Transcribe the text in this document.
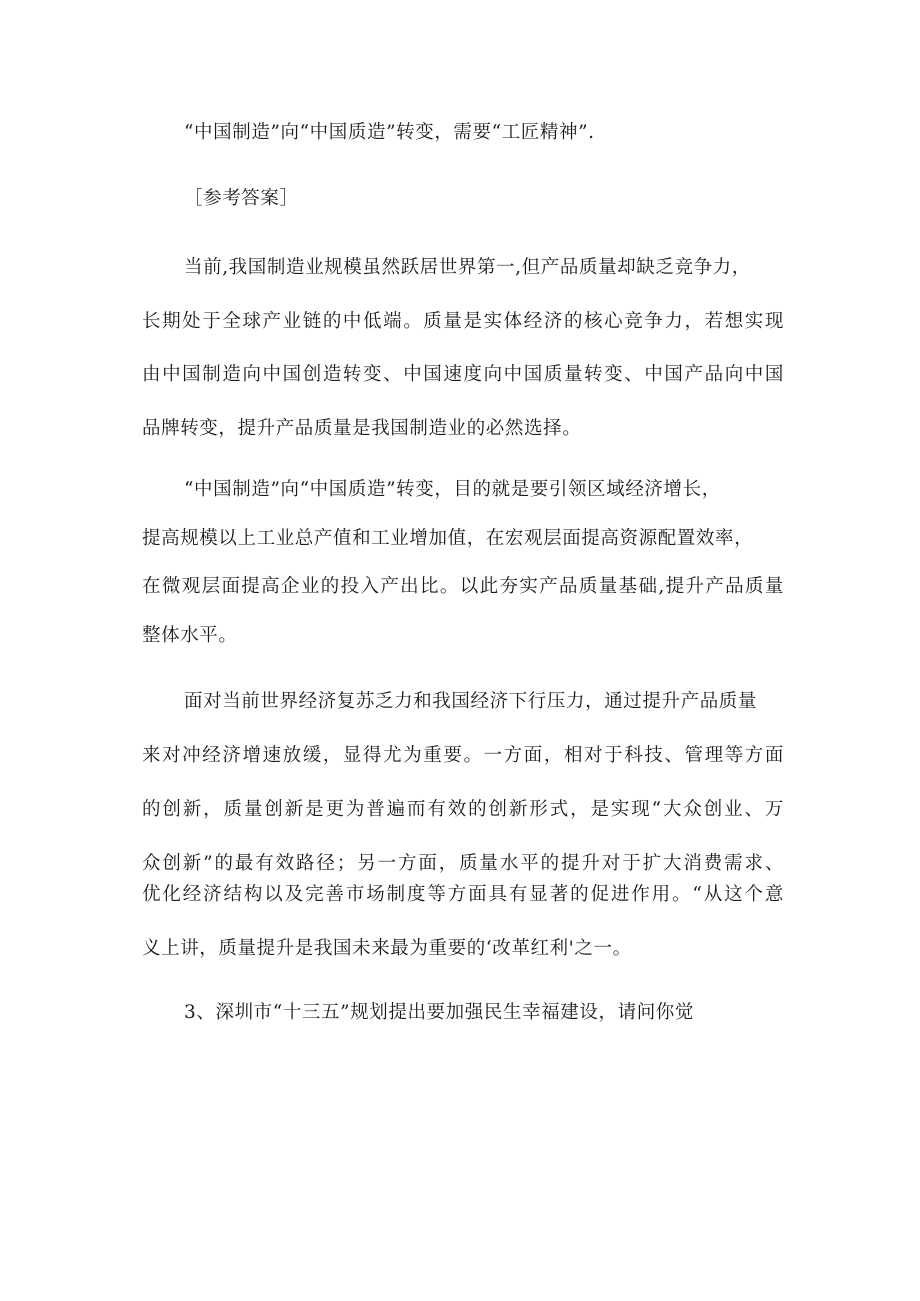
“中国制造”向“中国质造”转变，需要“工匠精神”.
［参考答案］
当前,我国制造业规模虽然跃居世界第一,但产品质量却缺乏竞争力，
长期处于全球产业链的中低端。质量是实体经济的核心竞争力，若想实现
由中国制造向中国创造转变、中国速度向中国质量转变、中国产品向中国
品牌转变，提升产品质量是我国制造业的必然选择。
“中国制造”向“中国质造”转变，目的就是要引领区域经济增长，
提高规模以上工业总产值和工业增加值，在宏观层面提高资源配置效率，
在微观层面提高企业的投入产出比。以此夯实产品质量基础,提升产品质量
整体水平。
面对当前世界经济复苏乏力和我国经济下行压力，通过提升产品质量
来对冲经济增速放缓，显得尤为重要。一方面，相对于科技、管理等方面
的创新，质量创新是更为普遍而有效的创新形式，是实现“大众创业、万
众创新”的最有效路径；另一方面，质量水平的提升对于扩大消费需求、
优化经济结构以及完善市场制度等方面具有显著的促进作用。“从这个意
义上讲，质量提升是我国未来最为重要的‘改革红利'之一。
3、深圳市“十三五”规划提出要加强民生幸福建设，请问你觉
